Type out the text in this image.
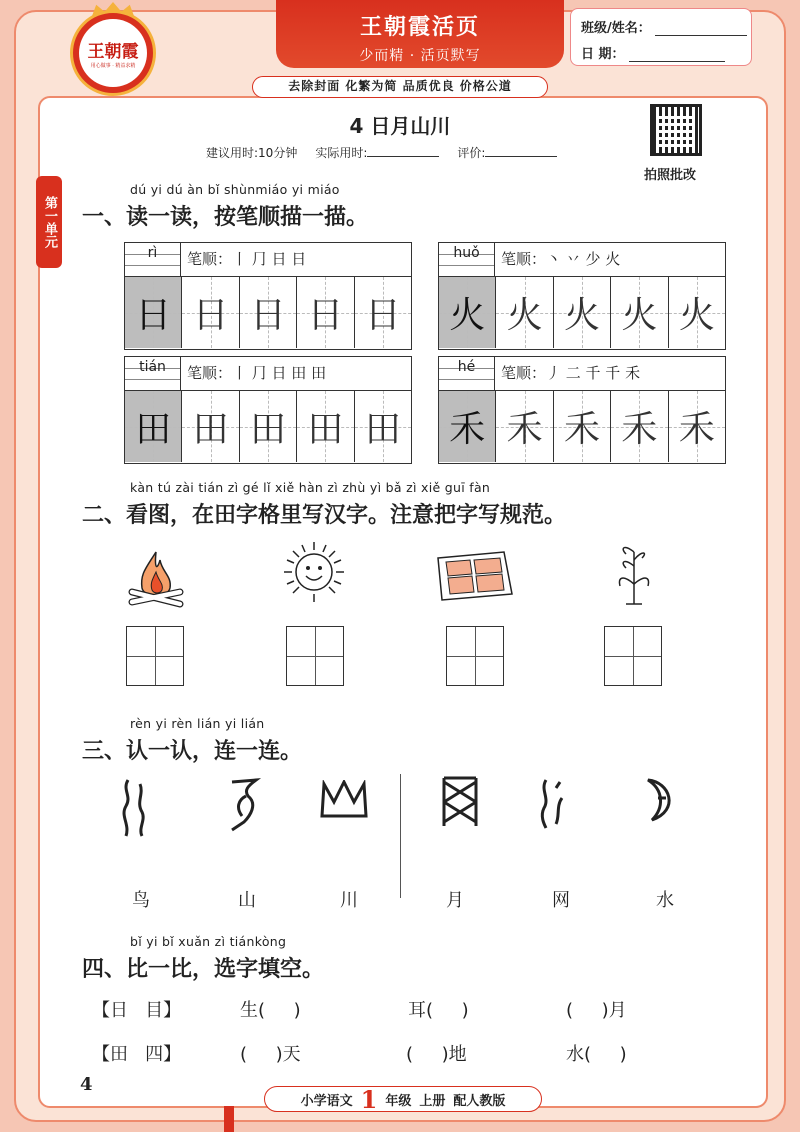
王朝霞
用心做事 · 精益求精
王朝霞活页
少而精 · 活页默写
去除封面 化繁为简 品质优良 价格公道
班级/姓名：
日 期：
第一单元
4 日月山川
建议用时:10分钟 实际用时:	评价:
拍照批改
dú yi dú àn bǐ shùnmiáo yi miáo
一、读一读，按笔顺描一描。
rì	笔顺：丨 ⺆ 日 日
日 日 日 日 日
huǒ	笔顺：丶 丷 少 火
火 火 火 火 火
tián	笔顺：丨 ⺆ 日 田 田
田 田 田 田 田
hé	笔顺：丿 二 千 千 禾
禾 禾 禾 禾 禾
kàn tú zài tián zì gé lǐ xiě hàn zì zhù yì bǎ zì xiě guī fàn
二、看图，在田字格里写汉字。注意把字写规范。
rèn yi rèn lián yi lián
三、认一认，连一连。
鸟	山	川	月	网	水
bǐ yi bǐ xuǎn zì tiánkòng
四、比一比，选字填空。
【日   目】	生(     )	耳(     )	(     )月
【田   四】	(     )天	(     )地	水(     )
4
小学语文 1 年级 上册 配人教版
